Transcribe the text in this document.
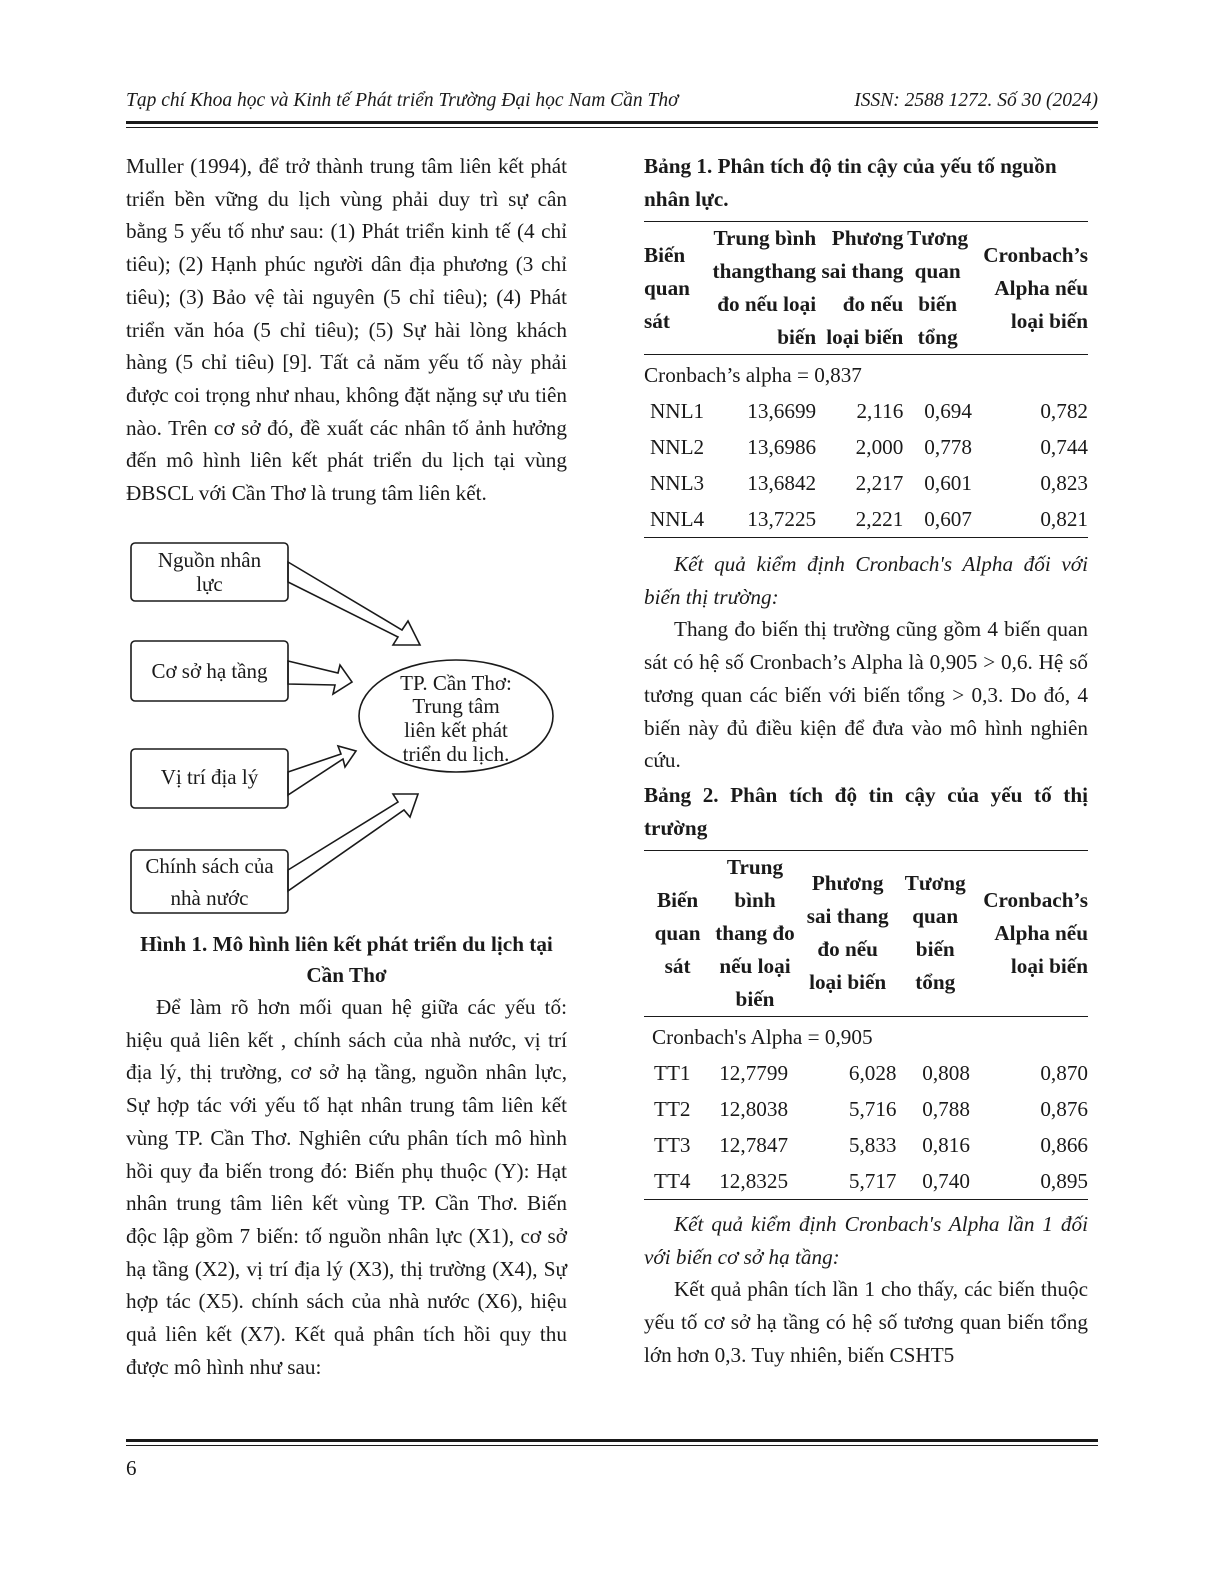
Tạp chí Khoa học và Kinh tế Phát triển Trường Đại học Nam Cần Thơ	ISSN: 2588 1272. Số 30 (2024)

Muller (1994), để trở thành trung tâm liên kết phát triển bền vững du lịch vùng phải duy trì sự cân bằng 5 yếu tố như sau: (1) Phát triển kinh tế (4 chỉ tiêu); (2) Hạnh phúc người dân địa phương (3 chỉ tiêu); (3) Bảo vệ tài nguyên (5 chỉ tiêu); (4) Phát triển văn hóa (5 chỉ tiêu); (5) Sự hài lòng khách hàng (5 chỉ tiêu) [9]. Tất cả năm yếu tố này phải được coi trọng như nhau, không đặt nặng sự ưu tiên nào. Trên cơ sở đó, đề xuất các nhân tố ảnh hưởng đến mô hình liên kết phát triển du lịch tại vùng ĐBSCL với Cần Thơ là trung tâm liên kết.

Nguồn nhân
lực
Cơ sở hạ tầng
Vị trí địa lý
Chính sách của
nhà nước
TP. Cần Thơ:
Trung tâm
liên kết phát
triển du lịch.
Hình 1. Mô hình liên kết phát triển du lịch tại Cần Thơ

Để làm rõ hơn mối quan hệ giữa các yếu tố: hiệu quả liên kết , chính sách của nhà nước, vị trí địa lý, thị trường, cơ sở hạ tầng, nguồn nhân lực, Sự hợp tác với yếu tố hạt nhân trung tâm liên kết vùng TP. Cần Thơ. Nghiên cứu phân tích mô hình hồi quy đa biến trong đó: Biến phụ thuộc (Y): Hạt nhân trung tâm liên kết vùng TP. Cần Thơ. Biến độc lập gồm 7 biến: tố nguồn nhân lực (X1), cơ sở hạ tầng (X2), vị trí địa lý (X3), thị trường (X4), Sự hợp tác (X5). chính sách của nhà nước (X6), hiệu quả liên kết (X7). Kết quả phân tích hồi quy thu được mô hình như sau:

Bảng 1. Phân tích độ tin cậy của yếu tố nguồn nhân lực.
Biến quan sát	Trung bình thangthang đo nếu loại biến	Phương sai thang đo nếu loại biến	Tương quan biến tổng	Cronbach’s Alpha nếu loại biến
Cronbach’s alpha = 0,837				
NNL1	13,6699	2,116	0,694	0,782
NNL2	13,6986	2,000	0,778	0,744
NNL3	13,6842	2,217	0,601	0,823
NNL4	13,7225	2,221	0,607	0,821

Kết quả kiểm định Cronbach's Alpha đối với biến thị trường:

Thang đo biến thị trường cũng gồm 4 biến quan sát có hệ số Cronbach’s Alpha là 0,905 > 0,6. Hệ số tương quan các biến với biến tổng > 0,3. Do đó, 4 biến này đủ điều kiện để đưa vào mô hình nghiên cứu.

Bảng 2. Phân tích độ tin cậy của yếu tố thị trường
Biến quan sát	Trung bình thang đo nếu loại biến	Phương sai thang đo nếu loại biến	Tương quan biến tổng	Cronbach’s Alpha nếu loại biến
Cronbach's Alpha = 0,905				
TT1	12,7799	6,028	0,808	0,870
TT2	12,8038	5,716	0,788	0,876
TT3	12,7847	5,833	0,816	0,866
TT4	12,8325	5,717	0,740	0,895

Kết quả kiểm định Cronbach's Alpha lần 1 đối với biến cơ sở hạ tầng:

Kết quả phân tích lần 1 cho thấy, các biến thuộc yếu tố cơ sở hạ tầng có hệ số tương quan biến tổng lớn hơn 0,3. Tuy nhiên, biến CSHT5

6
